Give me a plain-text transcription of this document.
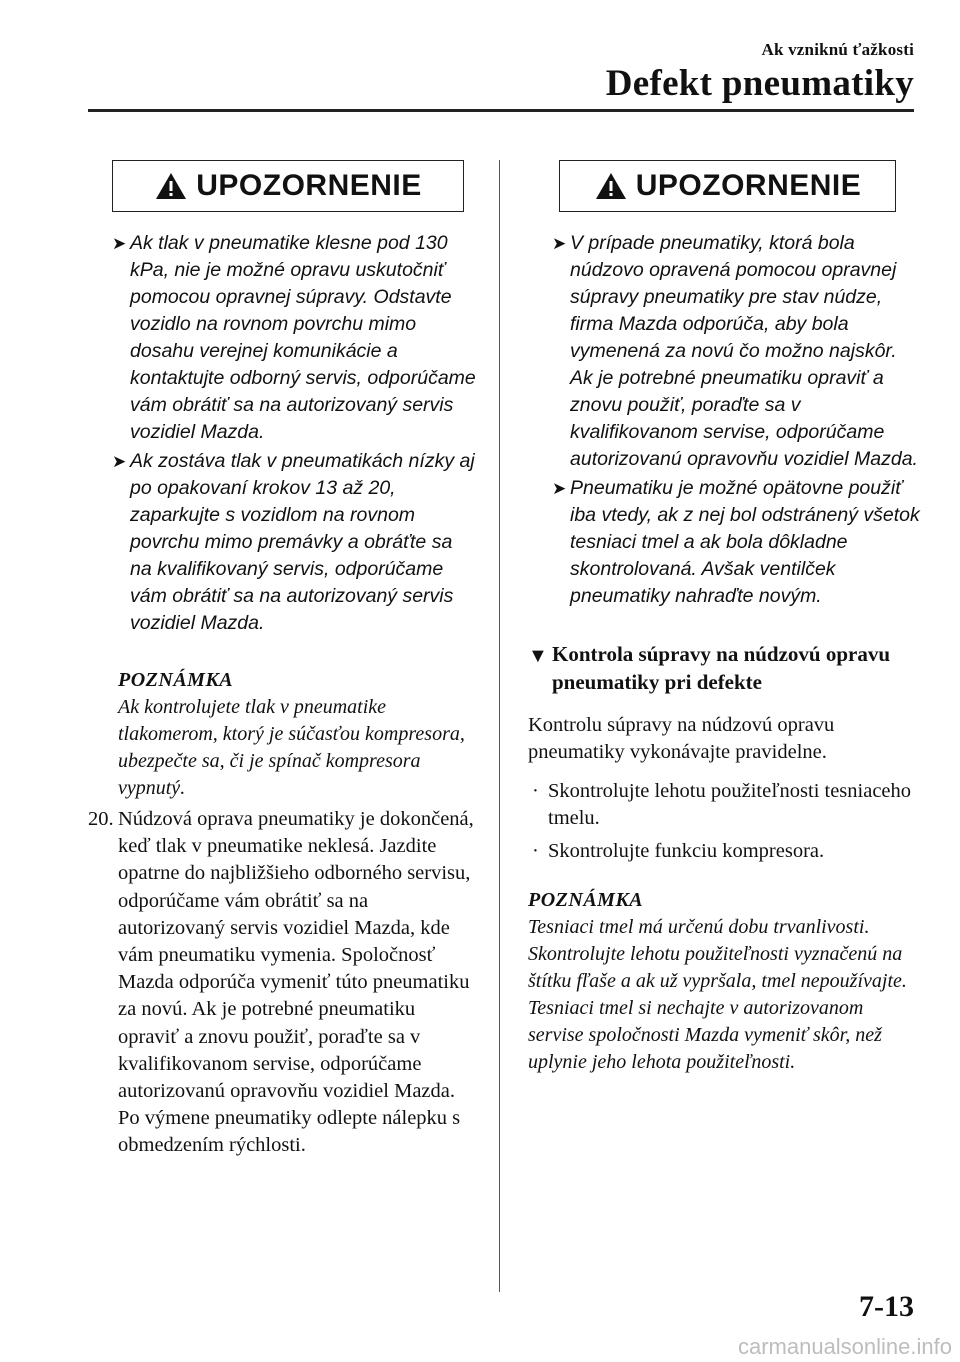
Ak vzniknú ťažkosti
Defekt pneumatiky
UPOZORNENIE
➤ Ak tlak v pneumatike klesne pod 130 kPa, nie je možné opravu uskutočniť pomocou opravnej súpravy. Odstavte vozidlo na rovnom povrchu mimo dosahu verejnej komunikácie a kontaktujte odborný servis, odporúčame vám obrátiť sa na autorizovaný servis vozidiel Mazda.
➤ Ak zostáva tlak v pneumatikách nízky aj po opakovaní krokov 13 až 20, zaparkujte s vozidlom na rovnom povrchu mimo premávky a obráťte sa na kvalifikovaný servis, odporúčame vám obrátiť sa na autorizovaný servis vozidiel Mazda.
POZNÁMKA
Ak kontrolujete tlak v pneumatike tlakomerom, ktorý je súčasťou kompresora, ubezpečte sa, či je spínač kompresora vypnutý.
20. Núdzová oprava pneumatiky je dokončená, keď tlak v pneumatike neklesá. Jazdite opatrne do najbližšieho odborného servisu, odporúčame vám obrátiť sa na autorizovaný servis vozidiel Mazda, kde vám pneumatiku vymenia. Spoločnosť Mazda odporúča vymeniť túto pneumatiku za novú. Ak je potrebné pneumatiku opraviť a znovu použiť, poraďte sa v kvalifikovanom servise, odporúčame autorizovanú opravovňu vozidiel Mazda. Po výmene pneumatiky odlepte nálepku s obmedzením rýchlosti.
UPOZORNENIE
➤ V prípade pneumatiky, ktorá bola núdzovo opravená pomocou opravnej súpravy pneumatiky pre stav núdze, firma Mazda odporúča, aby bola vymenená za novú čo možno najskôr. Ak je potrebné pneumatiku opraviť a znovu použiť, poraďte sa v kvalifikovanom servise, odporúčame autorizovanú opravovňu vozidiel Mazda.
➤ Pneumatiku je možné opätovne použiť iba vtedy, ak z nej bol odstránený všetok tesniaci tmel a ak bola dôkladne skontrolovaná. Avšak ventilček pneumatiky nahraďte novým.
▼ Kontrola súpravy na núdzovú opravu pneumatiky pri defekte
Kontrolu súpravy na núdzovú opravu pneumatiky vykonávajte pravidelne.
· Skontrolujte lehotu použiteľnosti tesniaceho tmelu.
· Skontrolujte funkciu kompresora.
POZNÁMKA
Tesniaci tmel má určenú dobu trvanlivosti. Skontrolujte lehotu použiteľnosti vyznačenú na štítku fľaše a ak už vypršala, tmel nepoužívajte. Tesniaci tmel si nechajte v autorizovanom servise spoločnosti Mazda vymeniť skôr, než uplynie jeho lehota použiteľnosti.
7-13
carmanualsonline.info
